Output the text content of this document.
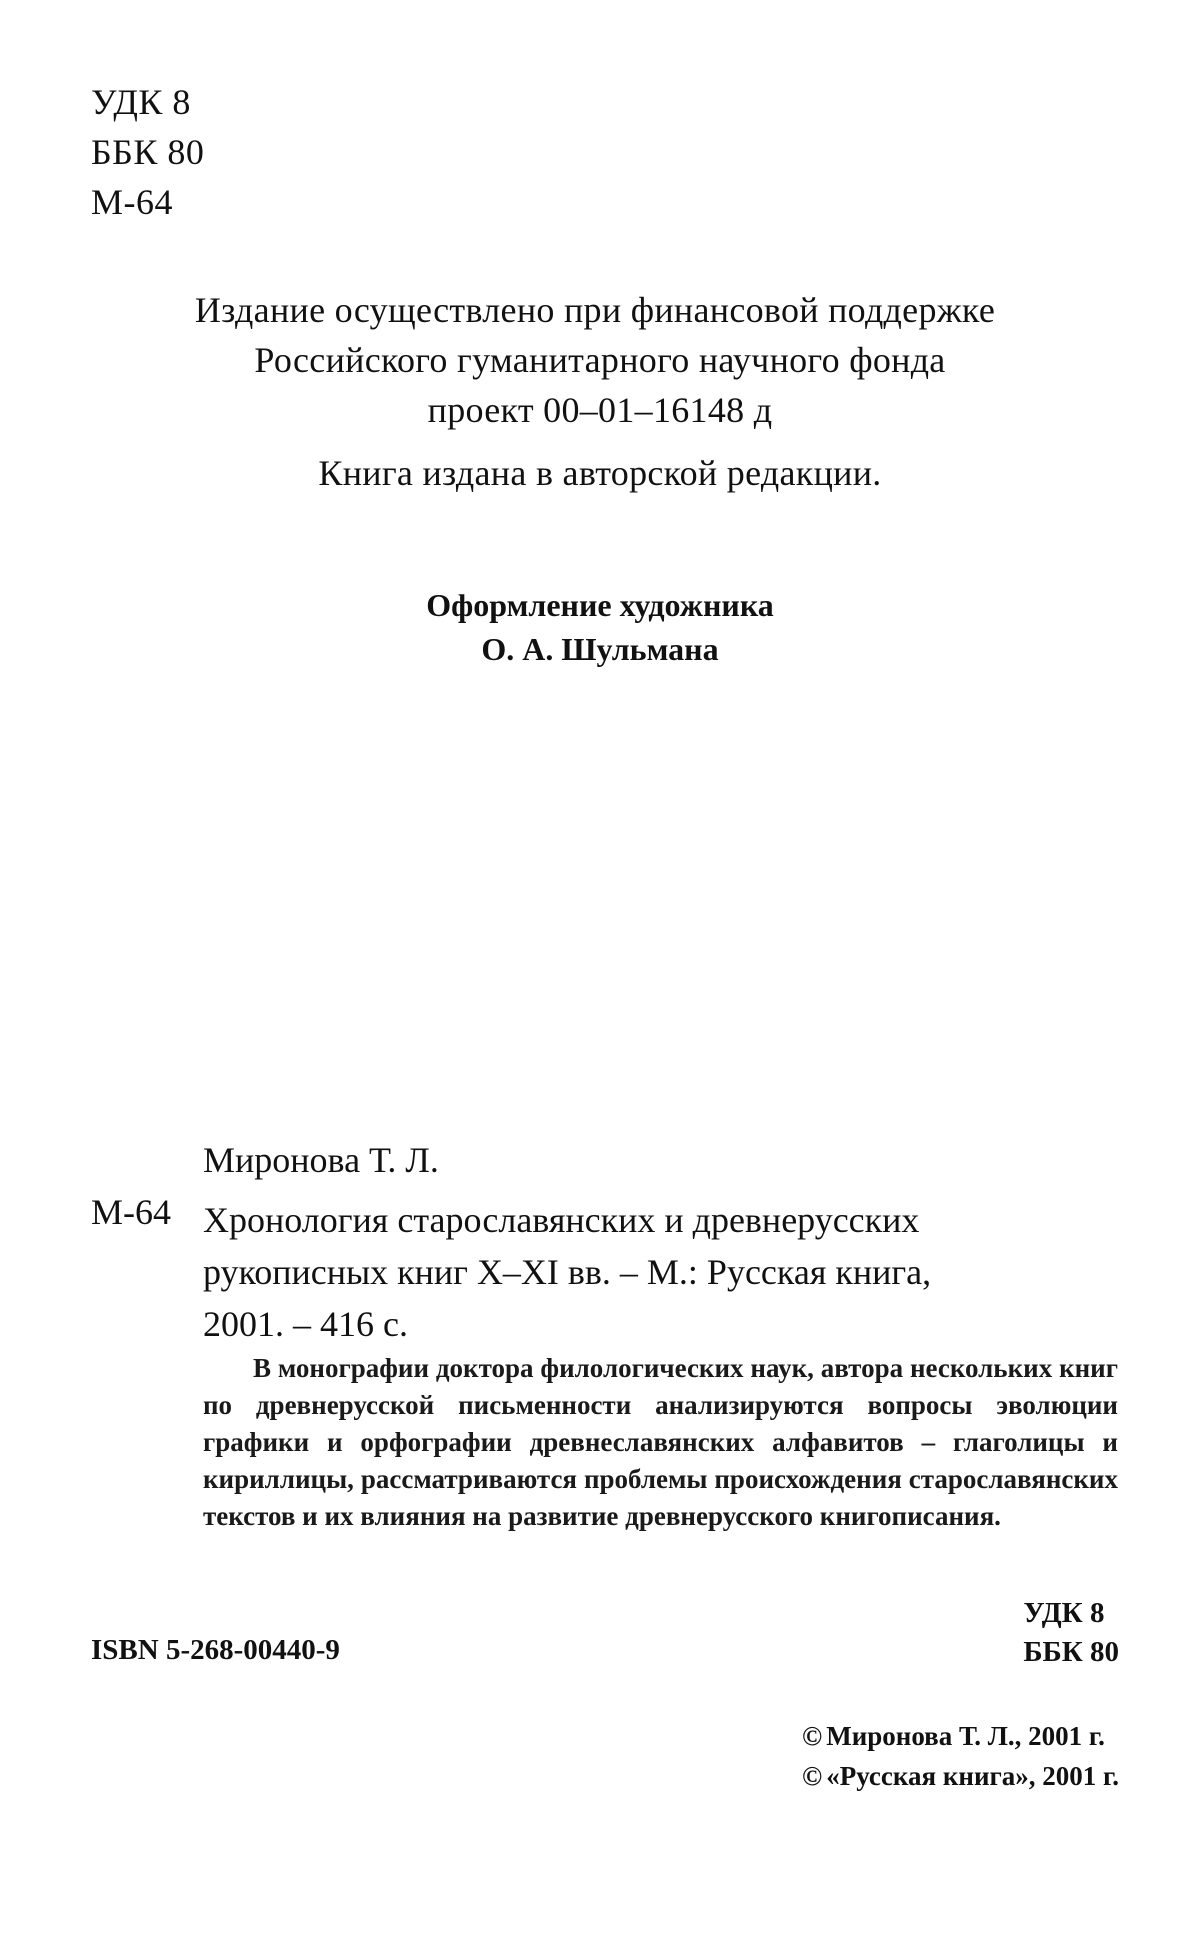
УДК 8
ББК 80
М-64
Издание осуществлено при финансовой поддержке
Российского гуманитарного научного фонда
проект 00–01–16148 д
Книга издана в авторской редакции.
Оформление художника
О. А. Шульмана
Миронова Т. Л.
М-64 Хронология старославянских и древнерусских
рукописных книг X–XI вв. – М.: Русская книга,
2001. – 416 с.
В монографии доктора филологических наук, автора нескольких книг по древнерусской письменности анализируются вопросы эволюции графики и орфографии древнеславянских алфавитов – глаголицы и кириллицы, рассматриваются проблемы происхождения старославянских текстов и их влияния на развитие древнерусского книгописания.
УДК 8
ББК 80
ISBN 5-268-00440-9
© Миронова Т. Л., 2001 г.
© «Русская книга», 2001 г.
